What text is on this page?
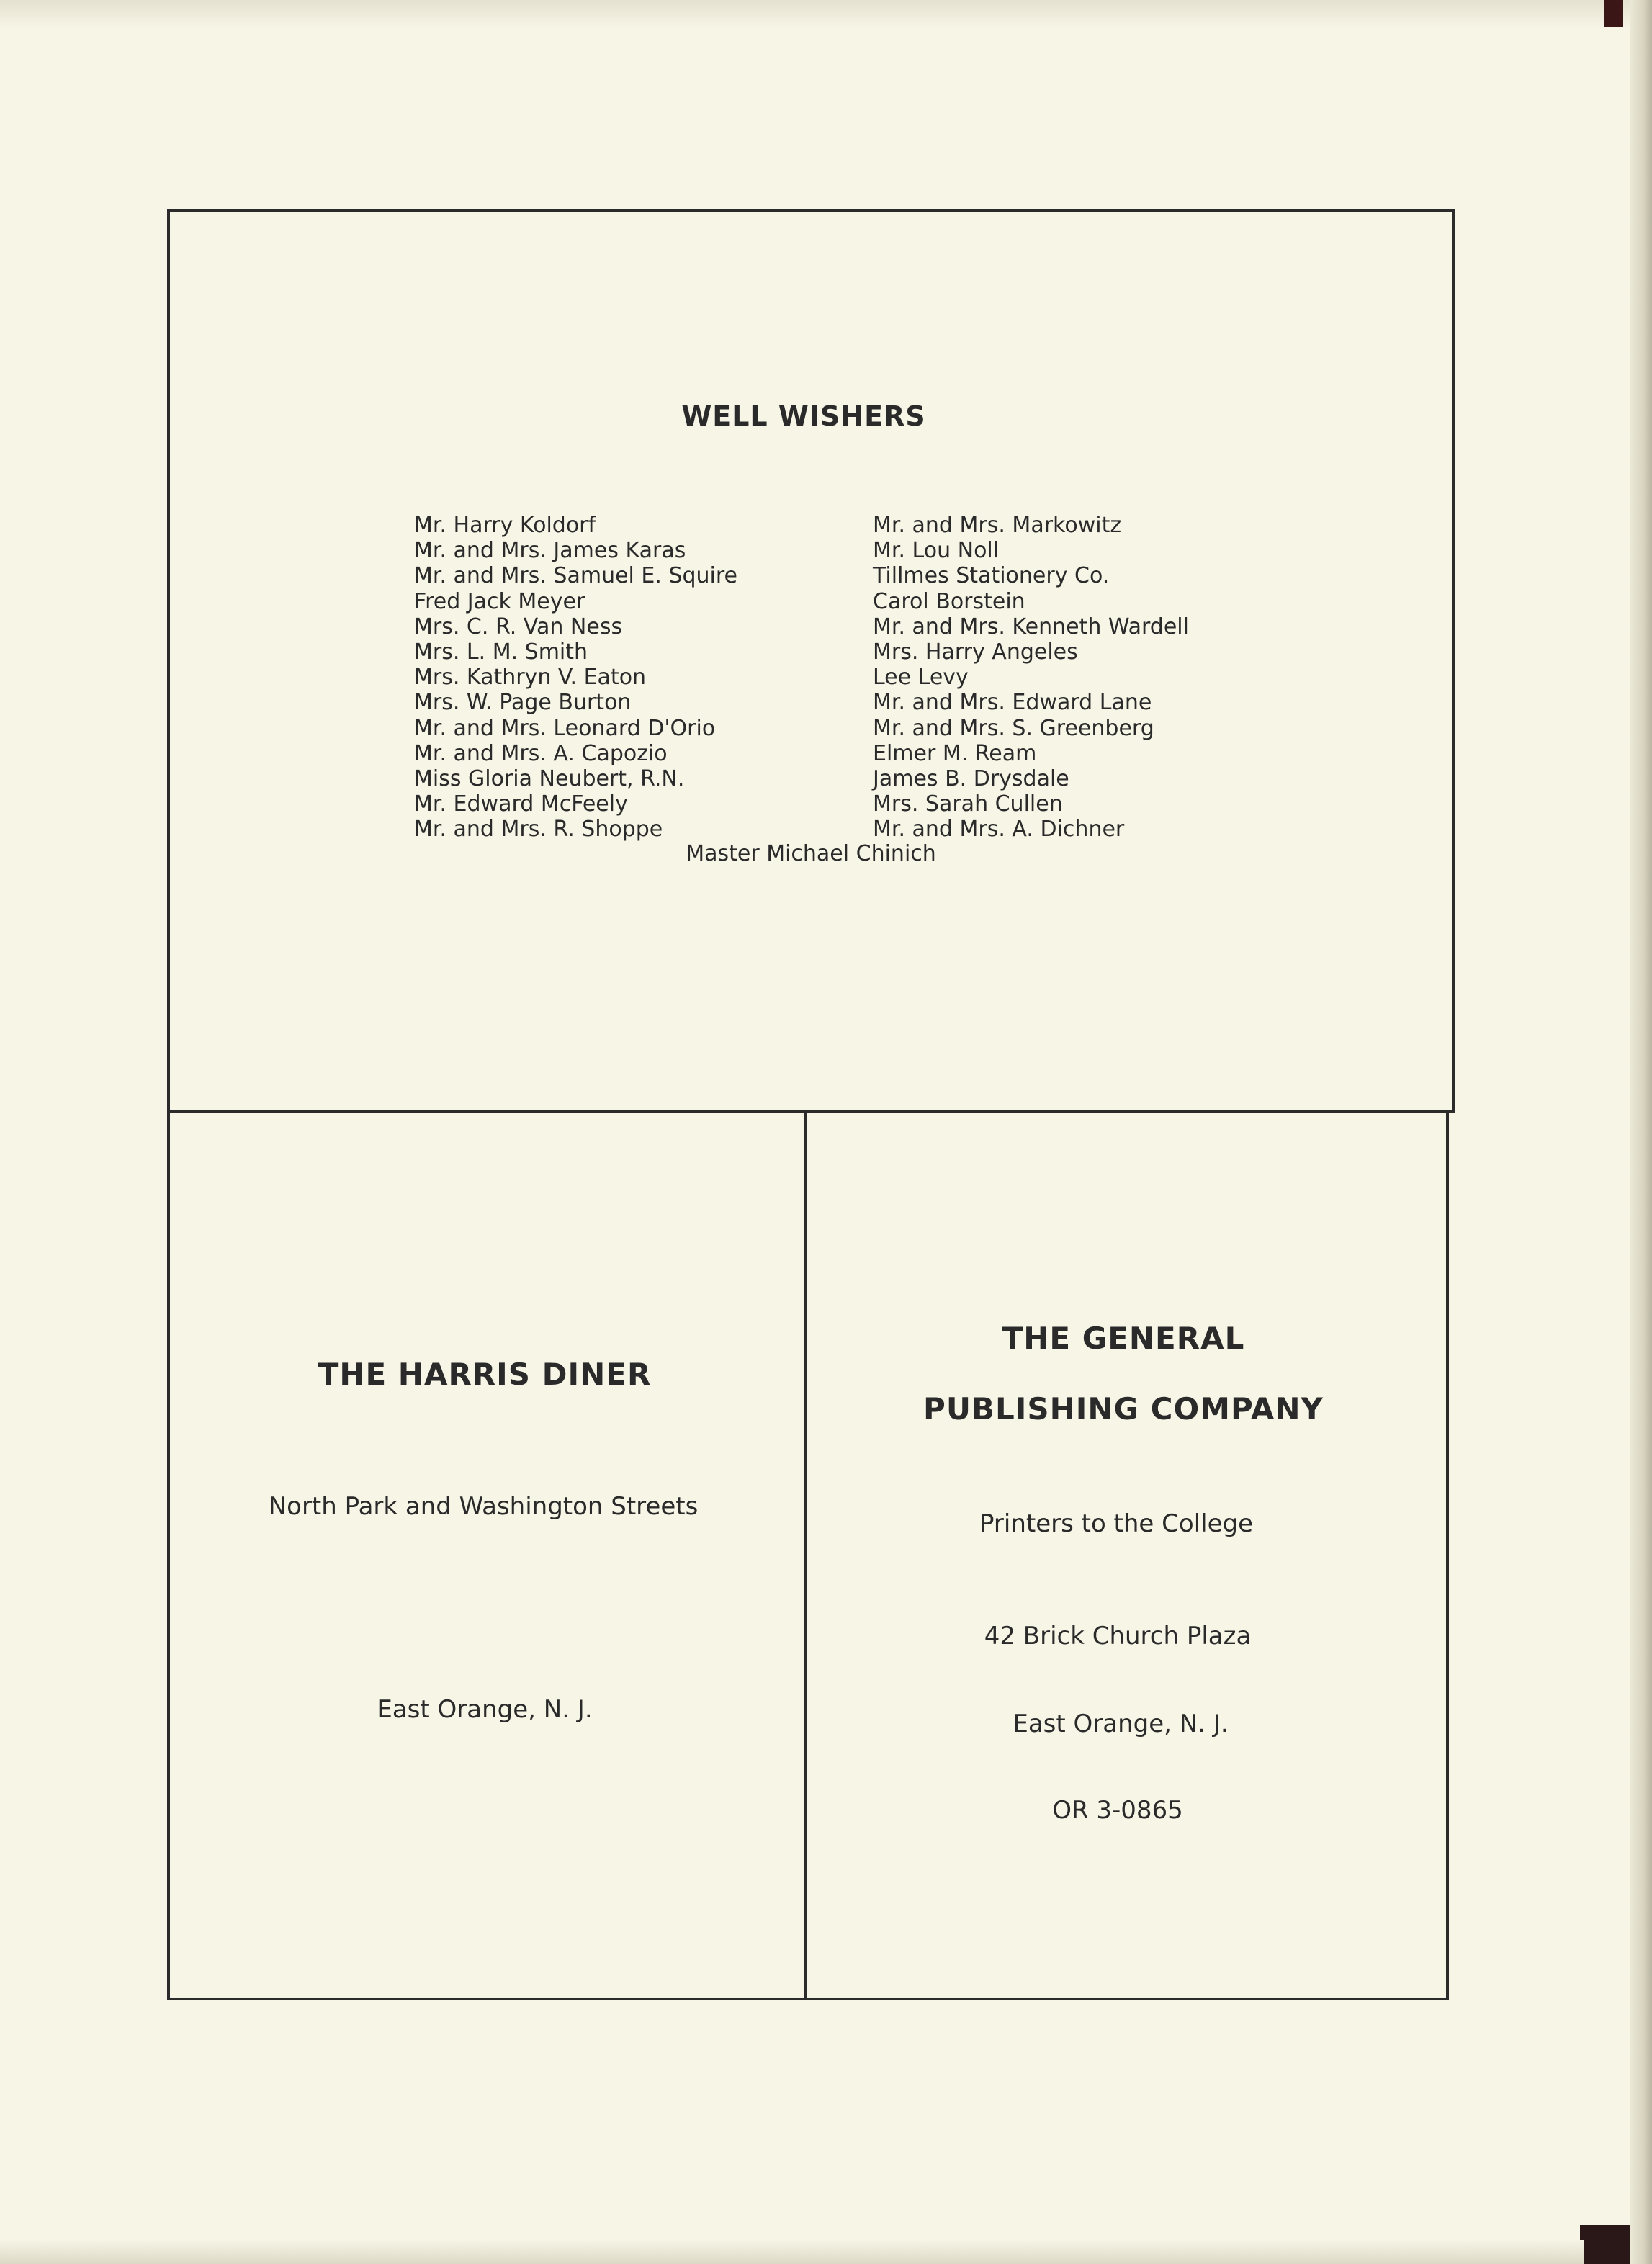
WELL WISHERS
Mr. Harry Koldorf
Mr. and Mrs. James Karas
Mr. and Mrs. Samuel E. Squire
Fred Jack Meyer
Mrs. C. R. Van Ness
Mrs. L. M. Smith
Mrs. Kathryn V. Eaton
Mrs. W. Page Burton
Mr. and Mrs. Leonard D'Orio
Mr. and Mrs. A. Capozio
Miss Gloria Neubert, R.N.
Mr. Edward McFeely
Mr. and Mrs. R. Shoppe
Mr. and Mrs. Markowitz
Mr. Lou Noll
Tillmes Stationery Co.
Carol Borstein
Mr. and Mrs. Kenneth Wardell
Mrs. Harry Angeles
Lee Levy
Mr. and Mrs. Edward Lane
Mr. and Mrs. S. Greenberg
Elmer M. Ream
James B. Drysdale
Mrs. Sarah Cullen
Mr. and Mrs. A. Dichner
Master Michael Chinich
THE HARRIS DINER
North Park and Washington Streets
East Orange, N. J.
THE GENERAL
PUBLISHING COMPANY
Printers to the College
42 Brick Church Plaza
East Orange, N. J.
OR 3-0865
